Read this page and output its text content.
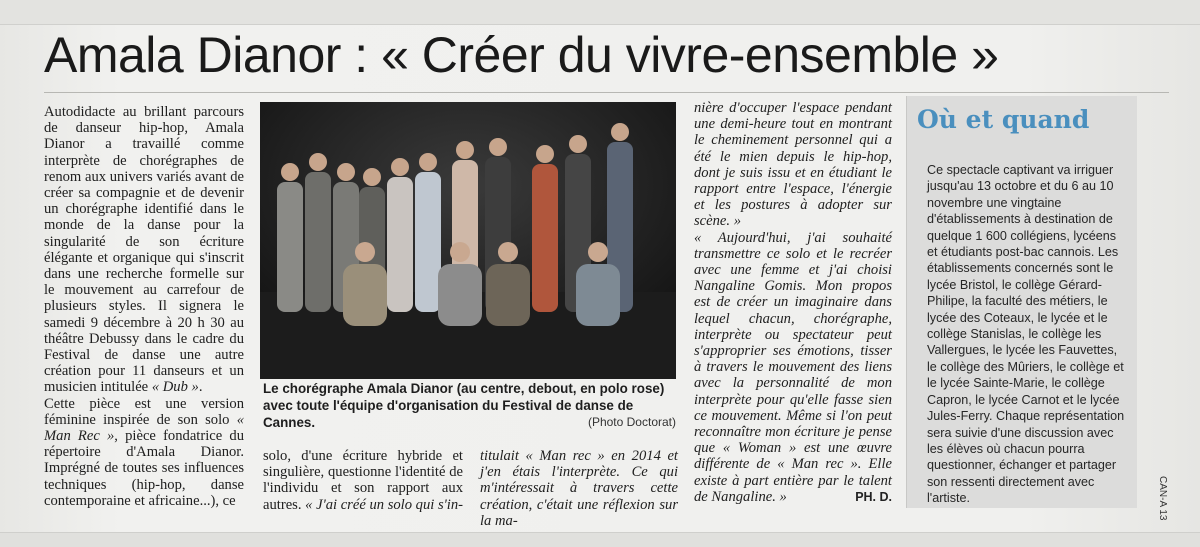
Amala Dianor : « Créer du vivre-ensemble »

Autodidacte au brillant parcours de danseur hip-hop, Amala Dianor a travaillé comme interprète de chorégraphes de renom aux univers variés avant de créer sa compagnie et de devenir un chorégraphe identifié dans le monde de la danse pour la singularité de son écriture élégante et organique qui s'inscrit dans une recherche formelle sur le mouvement au carrefour de plusieurs styles. Il signera le samedi 9 décembre à 20 h 30 au théâtre Debussy dans le cadre du Festival de danse une autre création pour 11 danseurs et un musicien intitulée « Dub ».

Cette pièce est une version féminine inspirée de son solo « Man Rec », pièce fondatrice du répertoire d'Amala Dianor. Imprégné de toutes ses influences techniques (hip-hop, danse contemporaine et africaine...), ce

Le chorégraphe Amala Dianor (au centre, debout, en polo rose) avec toute l'équipe d'organisation du Festival de danse de Cannes.	(Photo Doctorat)

solo, d'une écriture hybride et singulière, questionne l'identité de l'individu et son rapport aux autres. « J'ai créé un solo qui s'in-

titulait « Man rec » en 2014 et j'en étais l'interprète. Ce qui m'intéressait à travers cette création, c'était une réflexion sur la ma-

nière d'occuper l'espace pendant une demi-heure tout en montrant le cheminement personnel qui a été le mien depuis le hip-hop, dont je suis issu et en étudiant le rapport entre l'espace, l'énergie et les postures à adopter sur scène. »

« Aujourd'hui, j'ai souhaité transmettre ce solo et le recréer avec une femme et j'ai choisi Nangaline Gomis. Mon propos est de créer un imaginaire dans lequel chacun, chorégraphe, interprète ou spectateur peut s'approprier ses émotions, tisser à travers le mouvement des liens avec la personnalité de mon interprète pour qu'elle fasse sien ce mouvement. Même si l'on peut reconnaître mon écriture je pense que « Woman » est une œuvre différente de « Man rec ». Elle existe à part entière par le talent de Nangaline. »	PH. D.
Où et quand
Ce spectacle captivant va irriguer jusqu'au 13 octobre et du 6 au 10 novembre une vingtaine d'établissements à destination de quelque 1 600 collégiens, lycéens et étudiants post-bac cannois. Les établissements concernés sont le lycée Bristol, le collège Gérard-Philipe, la faculté des métiers, le lycée des Coteaux, le lycée et le collège Stanislas, le collège les Vallergues, le lycée les Fauvettes, le collège des Mûriers, le collège et le lycée Sainte-Marie, le collège Capron, le lycée Carnot et le lycée Jules-Ferry. Chaque représentation sera suivie d'une discussion avec les élèves où chacun pourra questionner, échanger et partager son ressenti directement avec l'artiste.	CAN-A 13
